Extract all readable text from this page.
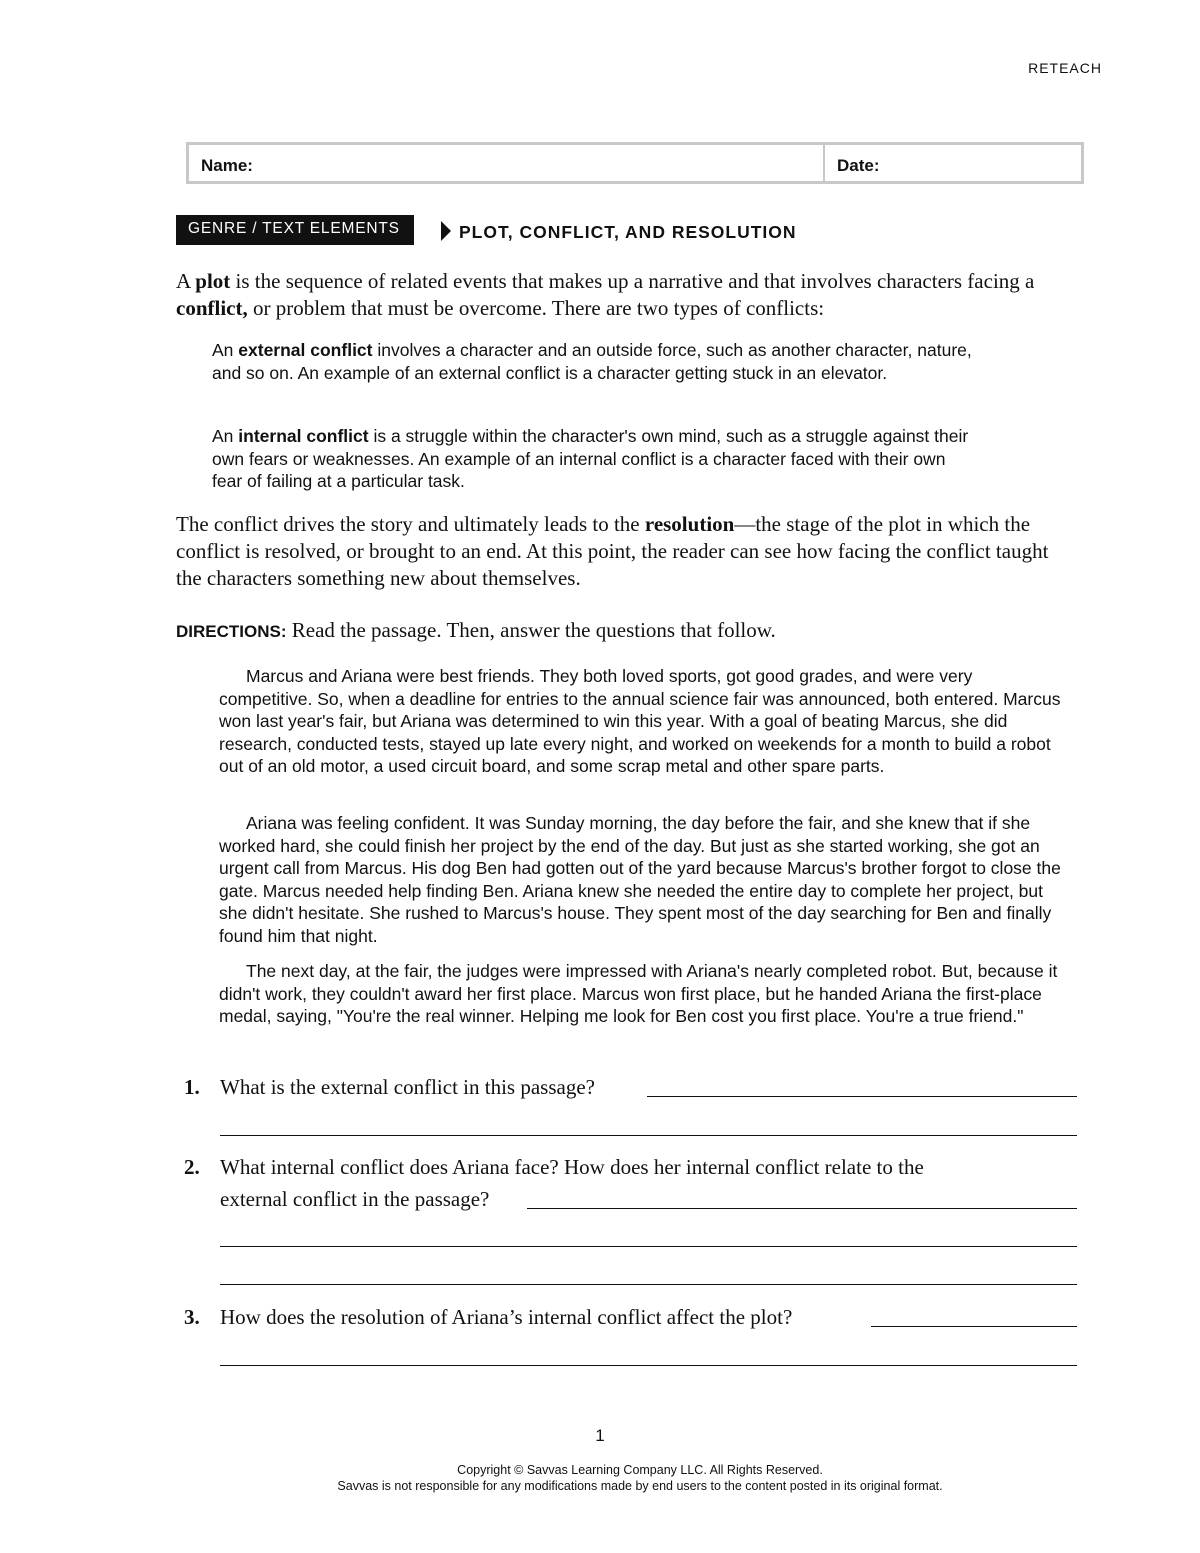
RETEACH
Name:	Date:
GENRE / TEXT ELEMENTS	PLOT, CONFLICT, AND RESOLUTION

A plot is the sequence of related events that makes up a narrative and that involves characters facing a conflict, or problem that must be overcome. There are two types of conflicts:

An external conflict involves a character and an outside force, such as another character, nature, and so on. An example of an external conflict is a character getting stuck in an elevator.

An internal conflict is a struggle within the character's own mind, such as a struggle against their own fears or weaknesses. An example of an internal conflict is a character faced with their own fear of failing at a particular task.

The conflict drives the story and ultimately leads to the resolution—the stage of the plot in which the conflict is resolved, or brought to an end. At this point, the reader can see how facing the conflict taught the characters something new about themselves.

DIRECTIONS: Read the passage. Then, answer the questions that follow.

Marcus and Ariana were best friends. They both loved sports, got good grades, and were very competitive. So, when a deadline for entries to the annual science fair was announced, both entered. Marcus won last year's fair, but Ariana was determined to win this year. With a goal of beating Marcus, she did research, conducted tests, stayed up late every night, and worked on weekends for a month to build a robot out of an old motor, a used circuit board, and some scrap metal and other spare parts.

Ariana was feeling confident. It was Sunday morning, the day before the fair, and she knew that if she worked hard, she could finish her project by the end of the day. But just as she started working, she got an urgent call from Marcus. His dog Ben had gotten out of the yard because Marcus's brother forgot to close the gate. Marcus needed help finding Ben. Ariana knew she needed the entire day to complete her project, but she didn't hesitate. She rushed to Marcus's house. They spent most of the day searching for Ben and finally found him that night.

The next day, at the fair, the judges were impressed with Ariana's nearly completed robot. But, because it didn't work, they couldn't award her first place. Marcus won first place, but he handed Ariana the first-place medal, saying, "You're the real winner. Helping me look for Ben cost you first place. You're a true friend."

1. What is the external conflict in this passage?
2. What internal conflict does Ariana face? How does her internal conflict relate to the
external conflict in the passage?
3. How does the resolution of Ariana’s internal conflict affect the plot?
1
Copyright © Savvas Learning Company LLC. All Rights Reserved.
Savvas is not responsible for any modifications made by end users to the content posted in its original format.
